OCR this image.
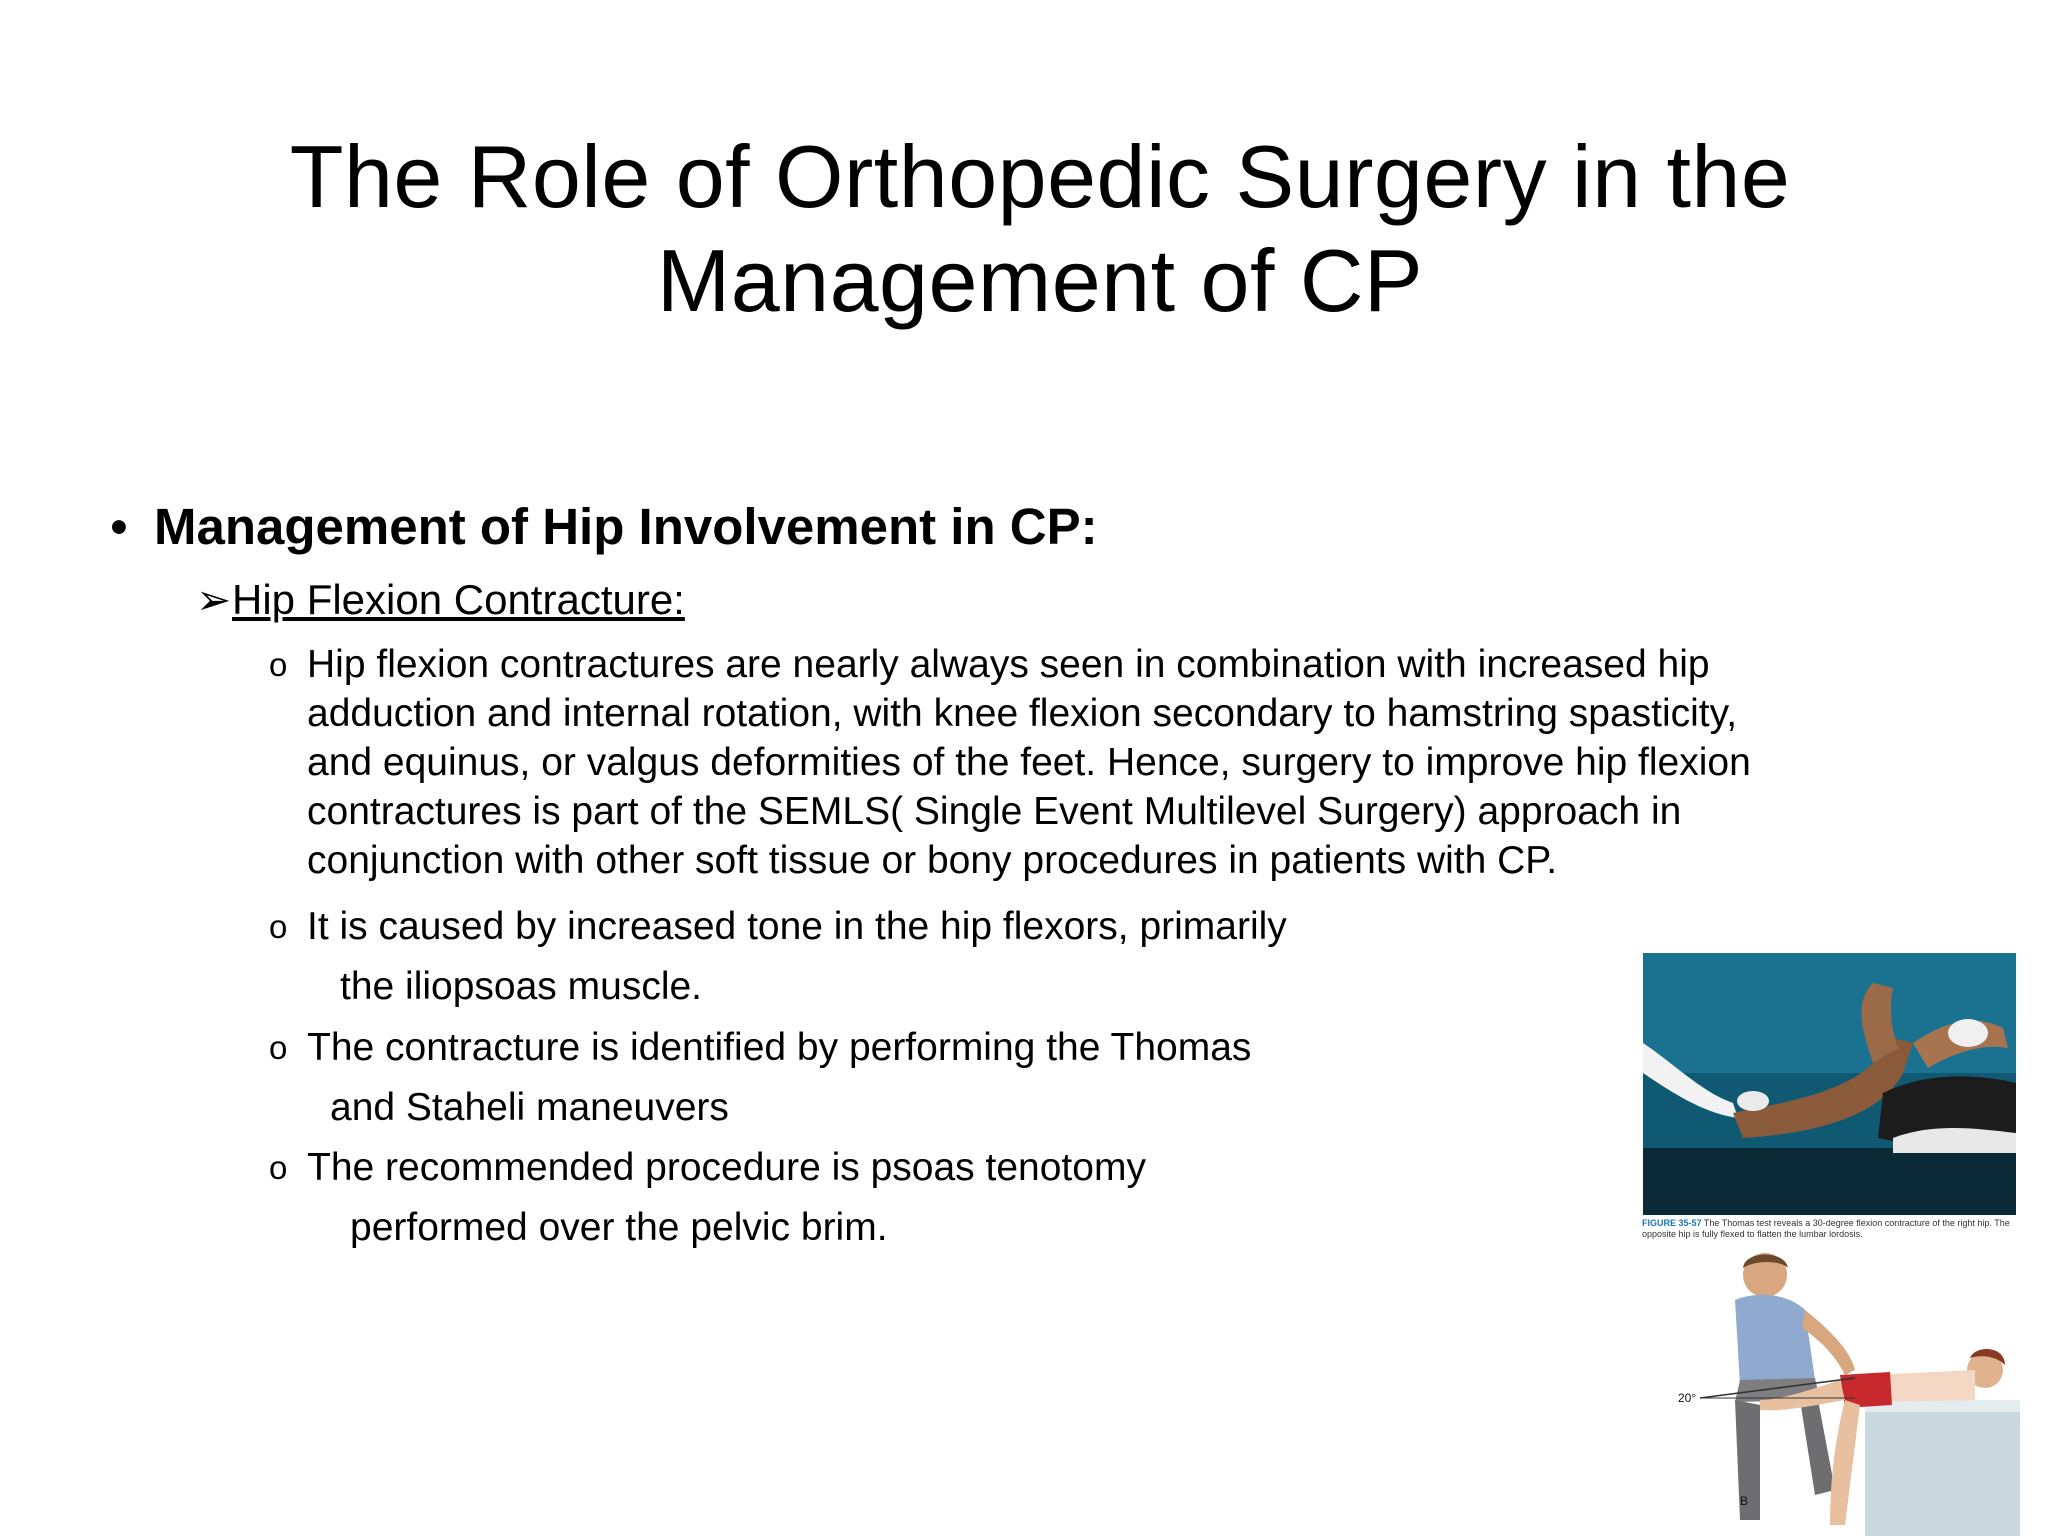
The Role of Orthopedic Surgery in the
Management of CP
• Management of Hip Involvement in CP:
➢Hip Flexion Contracture:
o Hip flexion contractures are nearly always seen in combination with increased hip
adduction and internal rotation, with knee flexion secondary to hamstring spasticity,
and equinus, or valgus deformities of the feet. Hence, surgery to improve hip flexion
contractures is part of the SEMLS( Single Event Multilevel Surgery) approach in
conjunction with other soft tissue or bony procedures in patients with CP.
o It is caused by increased tone in the hip flexors, primarily
the iliopsoas muscle.
o The contracture is identified by performing the Thomas
and Staheli maneuvers
o The recommended procedure is psoas tenotomy
performed over the pelvic brim.	FIGURE 35-57 The Thomas test reveals a 30-degree flexion contracture of the right hip. The opposite hip is fully flexed to flatten the lumbar lordosis.
20°
B
